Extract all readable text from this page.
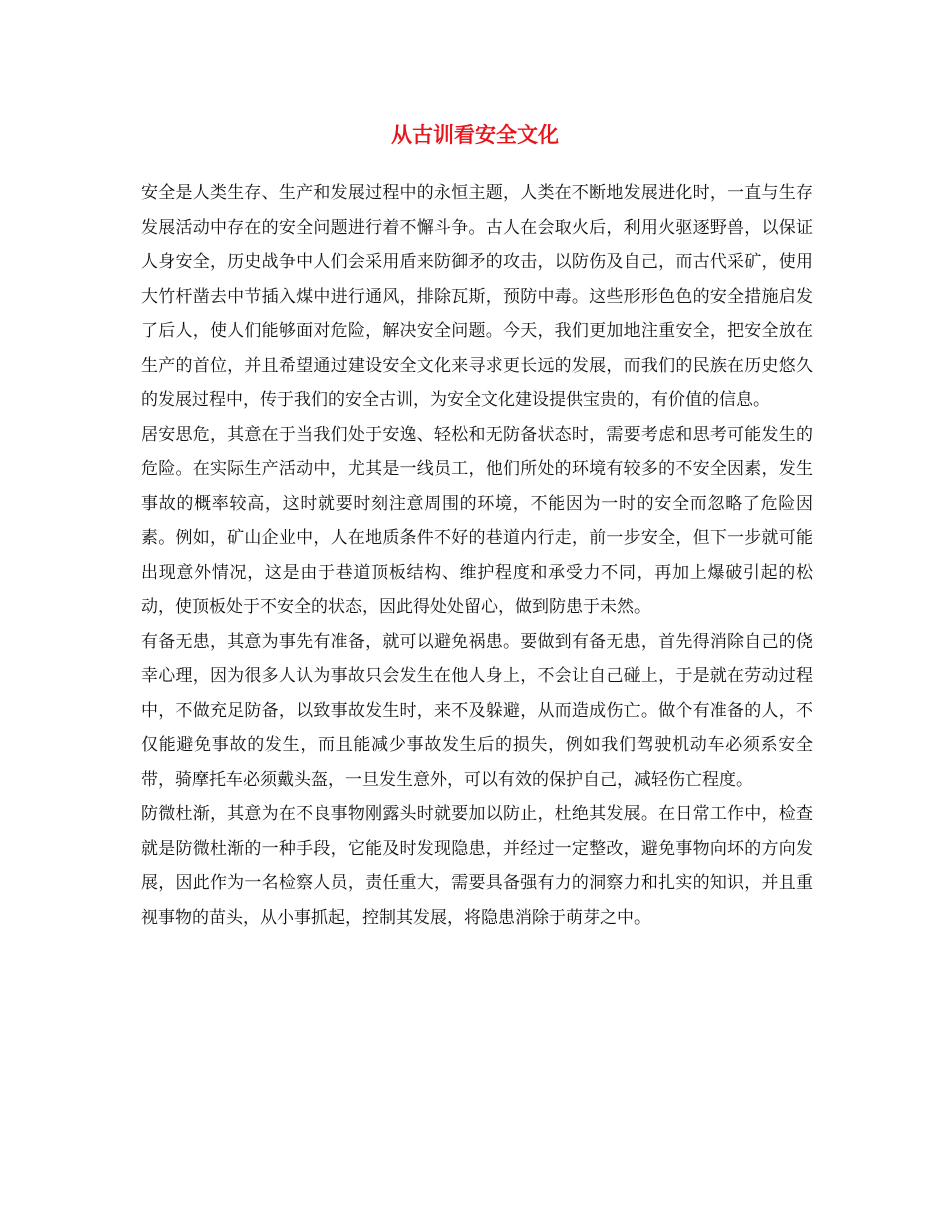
从古训看安全文化

安全是人类生存、生产和发展过程中的永恒主题，人类在不断地发展进化时，一直与生存发展活动中存在的安全问题进行着不懈斗争。古人在会取火后，利用火驱逐野兽，以保证人身安全，历史战争中人们会采用盾来防御矛的攻击，以防伤及自己，而古代采矿，使用大竹杆凿去中节插入煤中进行通风，排除瓦斯，预防中毒。这些形形色色的安全措施启发了后人，使人们能够面对危险，解决安全问题。今天，我们更加地注重安全，把安全放在生产的首位，并且希望通过建设安全文化来寻求更长远的发展，而我们的民族在历史悠久的发展过程中，传于我们的安全古训，为安全文化建设提供宝贵的，有价值的信息。

居安思危，其意在于当我们处于安逸、轻松和无防备状态时，需要考虑和思考可能发生的危险。在实际生产活动中，尤其是一线员工，他们所处的环境有较多的不安全因素，发生事故的概率较高，这时就要时刻注意周围的环境，不能因为一时的安全而忽略了危险因素。例如，矿山企业中，人在地质条件不好的巷道内行走，前一步安全，但下一步就可能出现意外情况，这是由于巷道顶板结构、维护程度和承受力不同，再加上爆破引起的松动，使顶板处于不安全的状态，因此得处处留心，做到防患于未然。

有备无患，其意为事先有准备，就可以避免祸患。要做到有备无患，首先得消除自己的侥幸心理，因为很多人认为事故只会发生在他人身上，不会让自己碰上，于是就在劳动过程中，不做充足防备，以致事故发生时，来不及躲避，从而造成伤亡。做个有准备的人，不仅能避免事故的发生，而且能减少事故发生后的损失，例如我们驾驶机动车必须系安全带，骑摩托车必须戴头盔，一旦发生意外，可以有效的保护自己，减轻伤亡程度。

防微杜渐，其意为在不良事物刚露头时就要加以防止，杜绝其发展。在日常工作中，检查就是防微杜渐的一种手段，它能及时发现隐患，并经过一定整改，避免事物向坏的方向发展，因此作为一名检察人员，责任重大，需要具备强有力的洞察力和扎实的知识，并且重视事物的苗头，从小事抓起，控制其发展，将隐患消除于萌芽之中。
